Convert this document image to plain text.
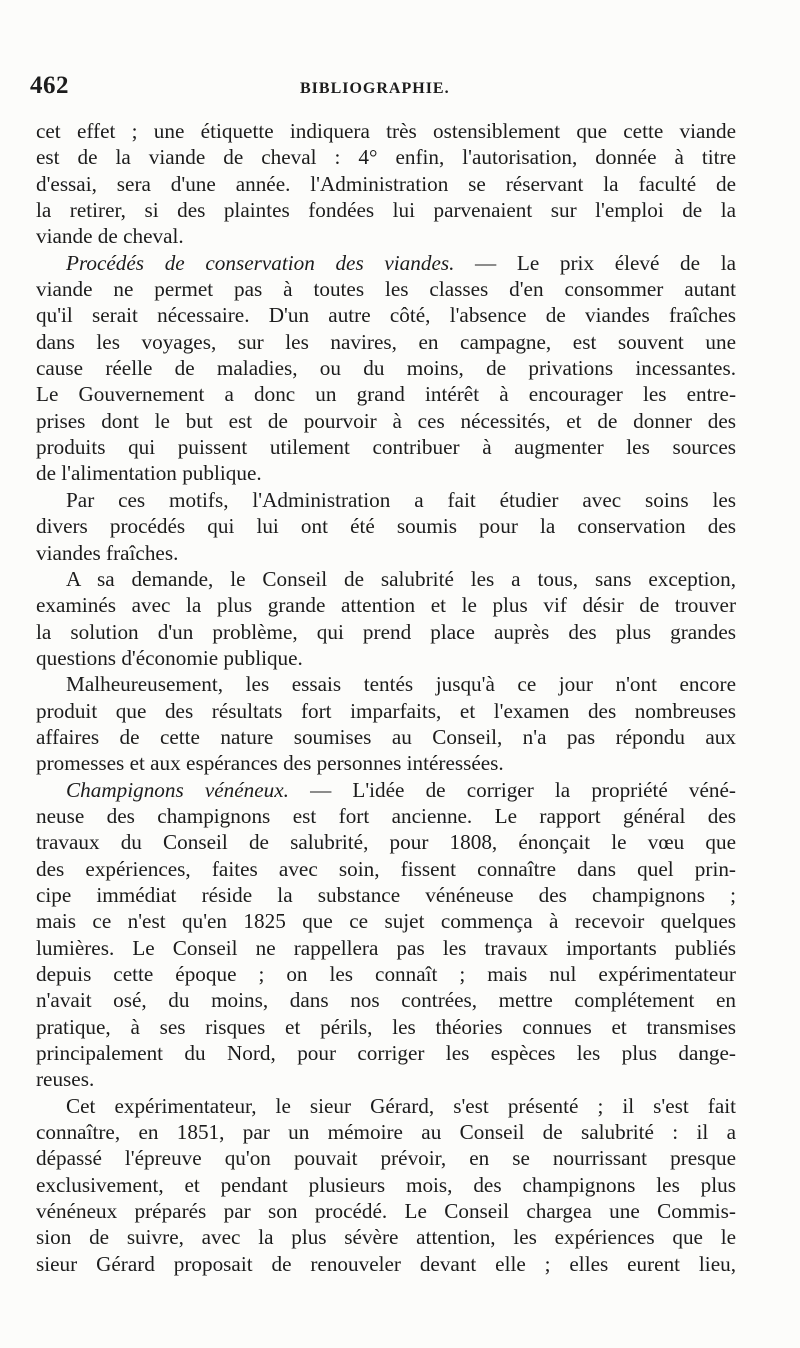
462	BIBLIOGRAPHIE.
cet effet ; une étiquette indiquera très ostensiblement que cette viande
est de la viande de cheval : 4° enfin, l'autorisation, donnée à titre
d'essai, sera d'une année. l'Administration se réservant la faculté de
la retirer, si des plaintes fondées lui parvenaient sur l'emploi de la
viande de cheval.
Procédés de conservation des viandes. — Le prix élevé de la
viande ne permet pas à toutes les classes d'en consommer autant
qu'il serait nécessaire. D'un autre côté, l'absence de viandes fraîches
dans les voyages, sur les navires, en campagne, est souvent une
cause réelle de maladies, ou du moins, de privations incessantes.
Le Gouvernement a donc un grand intérêt à encourager les entre-
prises dont le but est de pourvoir à ces nécessités, et de donner des
produits qui puissent utilement contribuer à augmenter les sources
de l'alimentation publique.
Par ces motifs, l'Administration a fait étudier avec soins les
divers procédés qui lui ont été soumis pour la conservation des
viandes fraîches.
A sa demande, le Conseil de salubrité les a tous, sans exception,
examinés avec la plus grande attention et le plus vif désir de trouver
la solution d'un problème, qui prend place auprès des plus grandes
questions d'économie publique.
Malheureusement, les essais tentés jusqu'à ce jour n'ont encore
produit que des résultats fort imparfaits, et l'examen des nombreuses
affaires de cette nature soumises au Conseil, n'a pas répondu aux
promesses et aux espérances des personnes intéressées.
Champignons vénéneux. — L'idée de corriger la propriété véné-
neuse des champignons est fort ancienne. Le rapport général des
travaux du Conseil de salubrité, pour 1808, énonçait le vœu que
des expériences, faites avec soin, fissent connaître dans quel prin-
cipe immédiat réside la substance vénéneuse des champignons ;
mais ce n'est qu'en 1825 que ce sujet commença à recevoir quelques
lumières. Le Conseil ne rappellera pas les travaux importants publiés
depuis cette époque ; on les connaît ; mais nul expérimentateur
n'avait osé, du moins, dans nos contrées, mettre complétement en
pratique, à ses risques et périls, les théories connues et transmises
principalement du Nord, pour corriger les espèces les plus dange-
reuses.
Cet expérimentateur, le sieur Gérard, s'est présenté ; il s'est fait
connaître, en 1851, par un mémoire au Conseil de salubrité : il a
dépassé l'épreuve qu'on pouvait prévoir, en se nourrissant presque
exclusivement, et pendant plusieurs mois, des champignons les plus
vénéneux préparés par son procédé. Le Conseil chargea une Commis-
sion de suivre, avec la plus sévère attention, les expériences que le
sieur Gérard proposait de renouveler devant elle ; elles eurent lieu,
